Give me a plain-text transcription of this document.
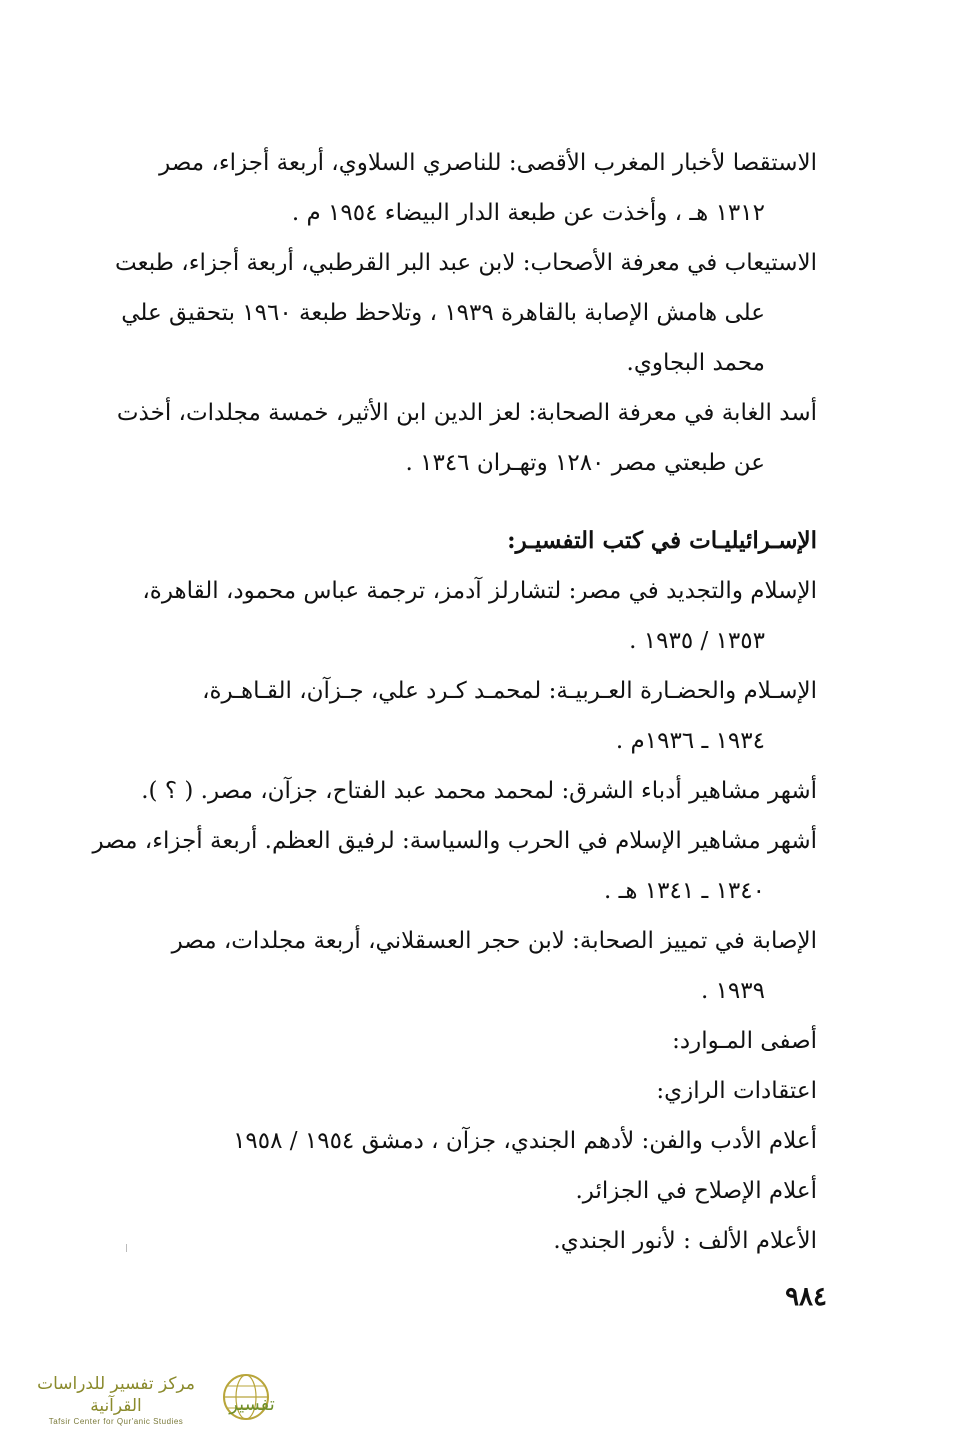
الاستقصا لأخبار المغرب الأقصى: للناصري السلاوي، أربعة أجزاء، مصر
١٣١٢ هـ ، وأخذت عن طبعة الدار البيضاء ١٩٥٤ م .
الاستيعاب في معرفة الأصحاب: لابن عبد البر القرطبي، أربعة أجزاء، طبعت
على هامش الإصابة بالقاهرة ١٩٣٩ ، وتلاحظ طبعة ١٩٦٠ بتحقيق علي
محمد البجاوي.
أسد الغابة في معرفة الصحابة: لعز الدين ابن الأثير، خمسة مجلدات، أخذت
عن طبعتي مصر ١٢٨٠ وتهـران ١٣٤٦ .
الإسـرائيليـات في كتب التفسيـر:
الإسلام والتجديد في مصر: لتشارلز آدمز، ترجمة عباس محمود، القاهرة،
١٣٥٣ / ١٩٣٥ .
الإسـلام والحضـارة العـربيـة: لمحمـد كـرد علي، جـزآن، القـاهـرة،
١٩٣٤ ـ ١٩٣٦م .
أشهر مشاهير أدباء الشرق: لمحمد محمد عبد الفتاح، جزآن، مصر. ( ؟ ).
أشهر مشاهير الإسلام في الحرب والسياسة: لرفيق العظم. أربعة أجزاء، مصر
١٣٤٠ ـ ١٣٤١ هـ .
الإصابة في تمييز الصحابة: لابن حجر العسقلاني، أربعة مجلدات، مصر
١٩٣٩ .
أصفى المـوارد:
اعتقادات الرازي:
أعلام الأدب والفن: لأدهم الجندي، جزآن ، دمشق ١٩٥٤ / ١٩٥٨
أعلام الإصلاح في الجزائر.
الأعلام الألف : لأنور الجندي.
٩٨٤
مركز تفسير للدراسات القرآنية
Tafsir Center for Qur'anic Studies
تفسير
